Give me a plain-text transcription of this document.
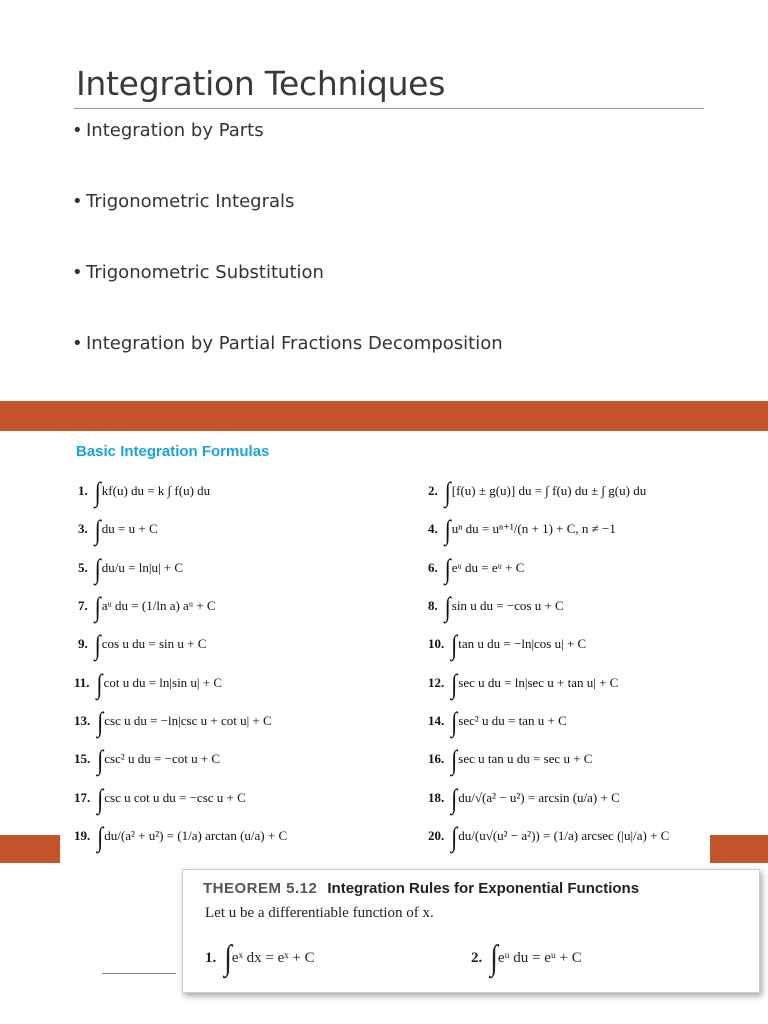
Integration Techniques
• Integration by Parts
• Trigonometric Integrals
• Trigonometric Substitution
• Integration by Partial Fractions Decomposition
Basic Integration Formulas
1. ∫kf(u) du = k ∫ f(u) du	2. ∫[f(u) ± g(u)] du = ∫ f(u) du ± ∫ g(u) du
3. ∫du = u + C	4. ∫uⁿ du = uⁿ⁺¹/(n + 1) + C, n ≠ −1
5. ∫du/u = ln|u| + C	6. ∫eᵘ du = eᵘ + C
7. ∫aᵘ du = (1/ln a) aᵘ + C	8. ∫sin u du = −cos u + C
9. ∫cos u du = sin u + C	10. ∫tan u du = −ln|cos u| + C
11. ∫cot u du = ln|sin u| + C	12. ∫sec u du = ln|sec u + tan u| + C
13. ∫csc u du = −ln|csc u + cot u| + C	14. ∫sec² u du = tan u + C
15. ∫csc² u du = −cot u + C	16. ∫sec u tan u du = sec u + C
17. ∫csc u cot u du = −csc u + C	18. ∫du/√(a² − u²) = arcsin (u/a) + C
19. ∫du/(a² + u²) = (1/a) arctan (u/a) + C	20. ∫du/(u√(u² − a²)) = (1/a) arcsec (|u|/a) + C
THEOREM 5.12 Integration Rules for Exponential Functions
Let u be a differentiable function of x.
1. ∫eˣ dx = eˣ + C	2. ∫eᵘ du = eᵘ + C
